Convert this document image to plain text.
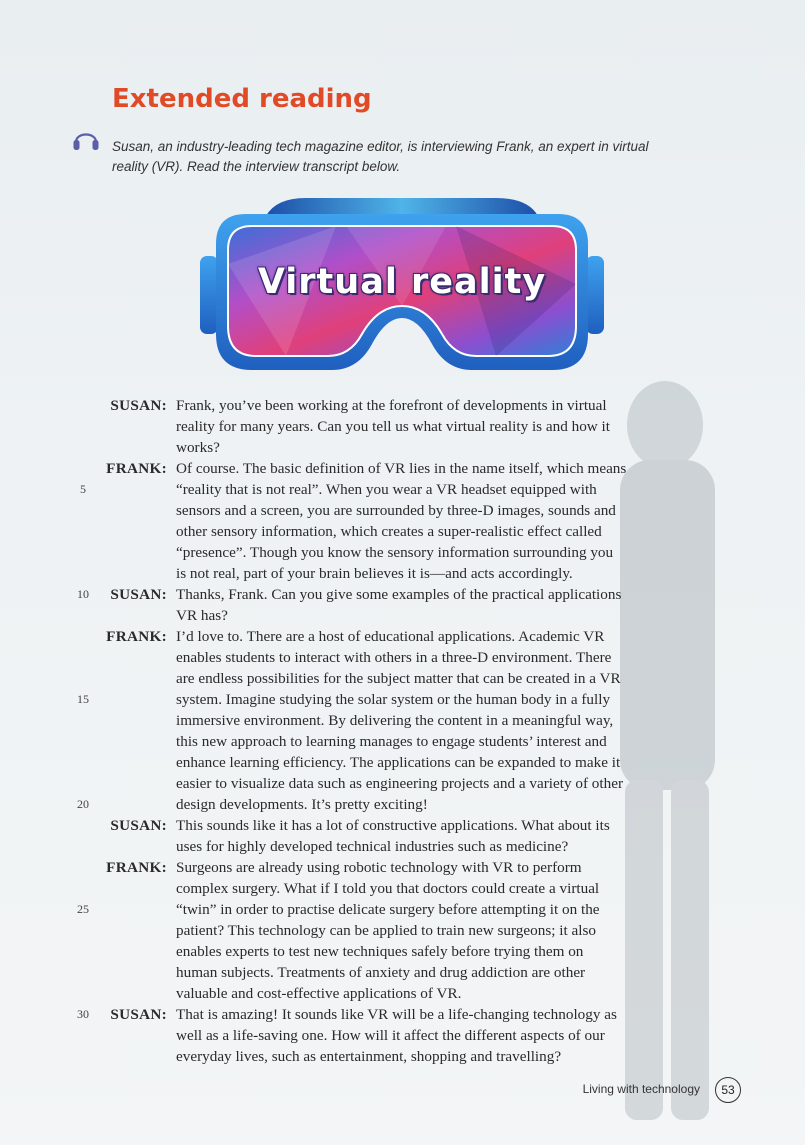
Extended reading
Susan, an industry-leading tech magazine editor, is interviewing Frank, an expert in virtual reality (VR). Read the interview transcript below.
Virtual reality
SUSAN: Frank, you’ve been working at the forefront of developments in virtual
reality for many years. Can you tell us what virtual reality is and how it
works?
FRANK: Of course. The basic definition of VR lies in the name itself, which means
5	“reality that is not real”. When you wear a VR headset equipped with
sensors and a screen, you are surrounded by three-D images, sounds and
other sensory information, which creates a super-realistic effect called
“presence”. Though you know the sensory information surrounding you
is not real, part of your brain believes it is—and acts accordingly.
10	SUSAN: Thanks, Frank. Can you give some examples of the practical applications
VR has?
FRANK: I’d love to. There are a host of educational applications. Academic VR
enables students to interact with others in a three-D environment. There
are endless possibilities for the subject matter that can be created in a VR
15	system. Imagine studying the solar system or the human body in a fully
immersive environment. By delivering the content in a meaningful way,
this new approach to learning manages to engage students’ interest and
enhance learning efficiency. The applications can be expanded to make it
easier to visualize data such as engineering projects and a variety of other
20	design developments. It’s pretty exciting!
SUSAN: This sounds like it has a lot of constructive applications. What about its
uses for highly developed technical industries such as medicine?
FRANK: Surgeons are already using robotic technology with VR to perform
complex surgery. What if I told you that doctors could create a virtual
25	“twin” in order to practise delicate surgery before attempting it on the
patient? This technology can be applied to train new surgeons; it also
enables experts to test new techniques safely before trying them on
human subjects. Treatments of anxiety and drug addiction are other
valuable and cost-effective applications of VR.
30	SUSAN: That is amazing! It sounds like VR will be a life-changing technology as
well as a life-saving one. How will it affect the different aspects of our
everyday lives, such as entertainment, shopping and travelling?
Living with technology	53
